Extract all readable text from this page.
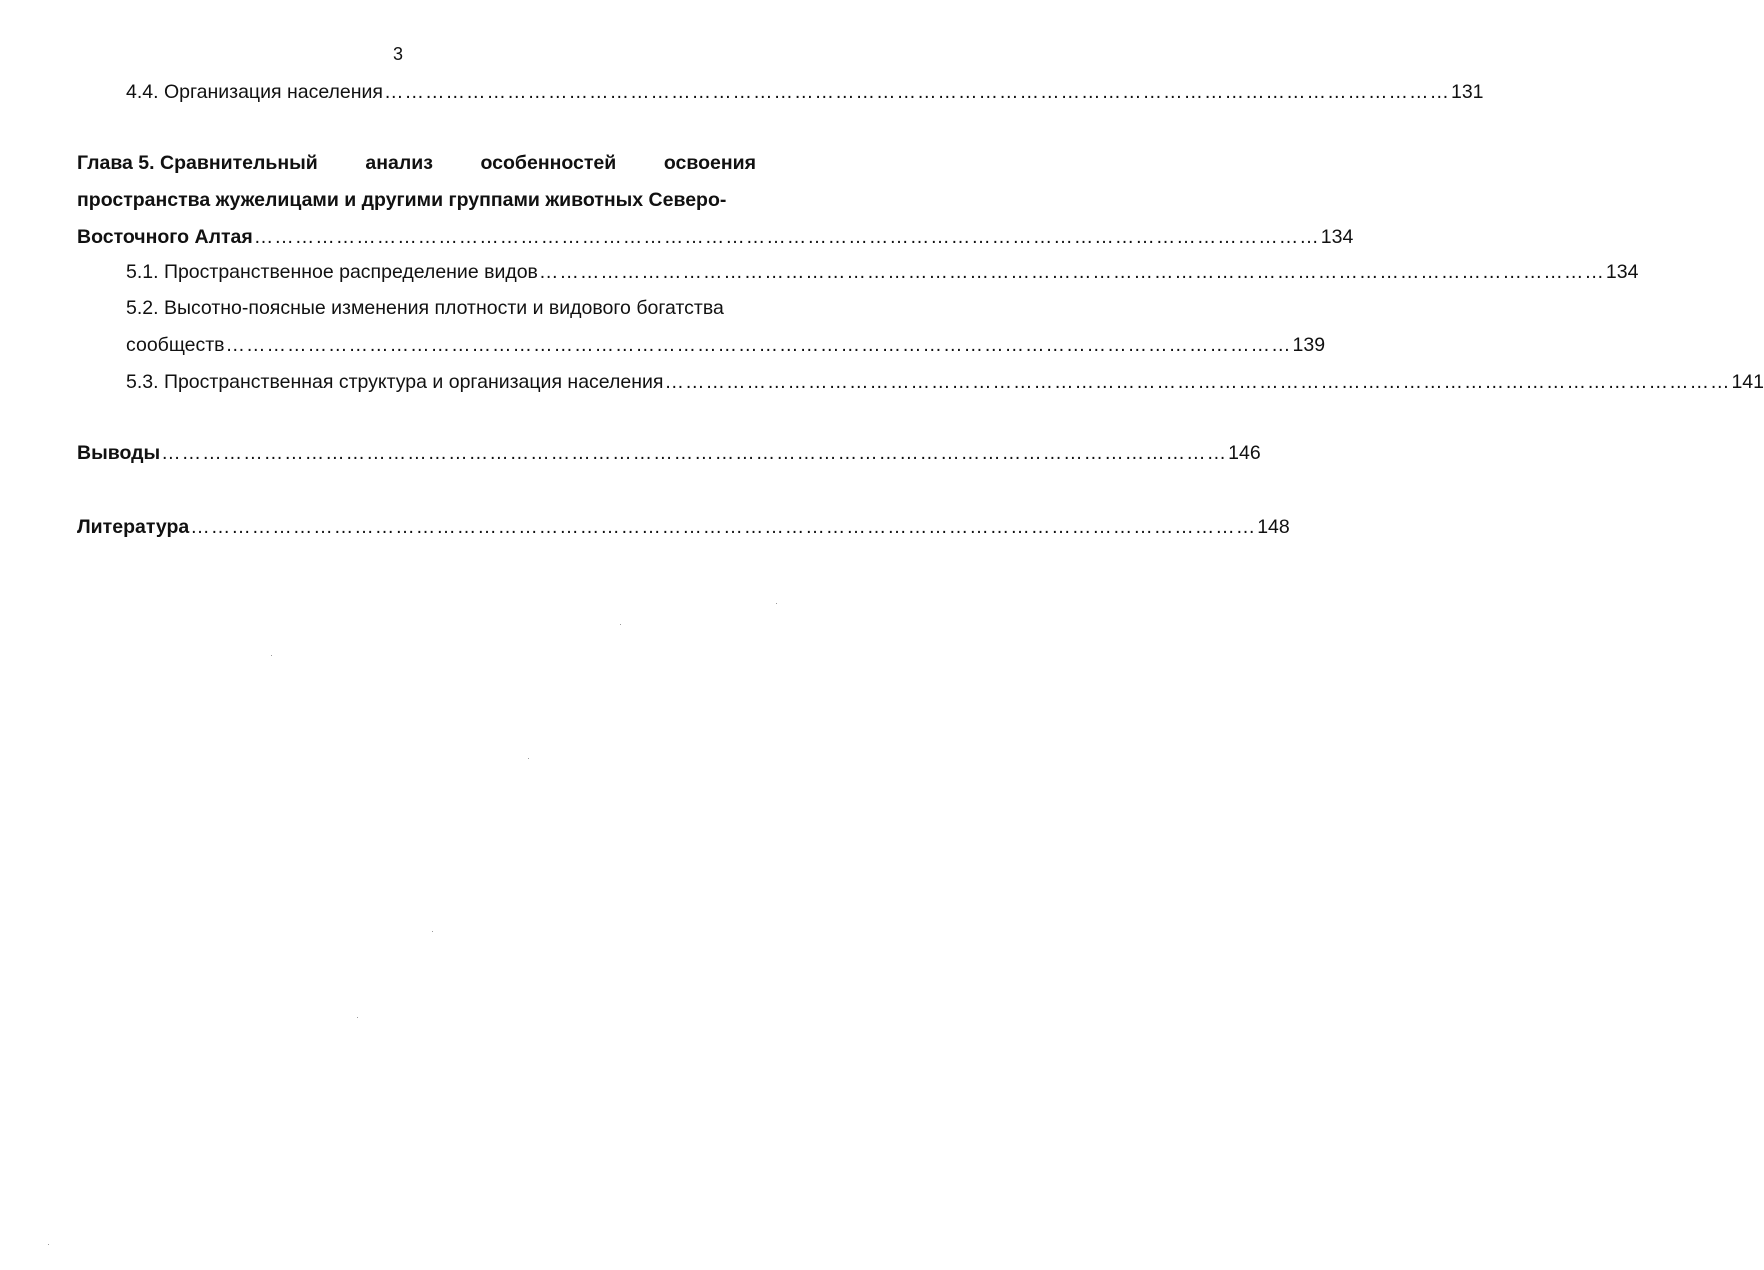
3
4.4. Организация населения ………………………………………………………………………………………………………………………………………… 131
Глава 5. Сравнительный анализ особенностей освоения
пространства жужелицами и другими группами животных Северо-
Восточного Алтая ………………………………………………………………………………………………………………………………………… 134
5.1. Пространственное распределение видов ………………………………………………………………………………………………………………………………………… 134
5.2. Высотно-поясные изменения плотности и видового богатства
сообществ ………………………………………………………………………………………………………………………………………… 139
5.3. Пространственная структура и организация населения ………………………………………………………………………………………………………………………………………… 141
Выводы ………………………………………………………………………………………………………………………………………… 146
Литература ………………………………………………………………………………………………………………………………………… 148
